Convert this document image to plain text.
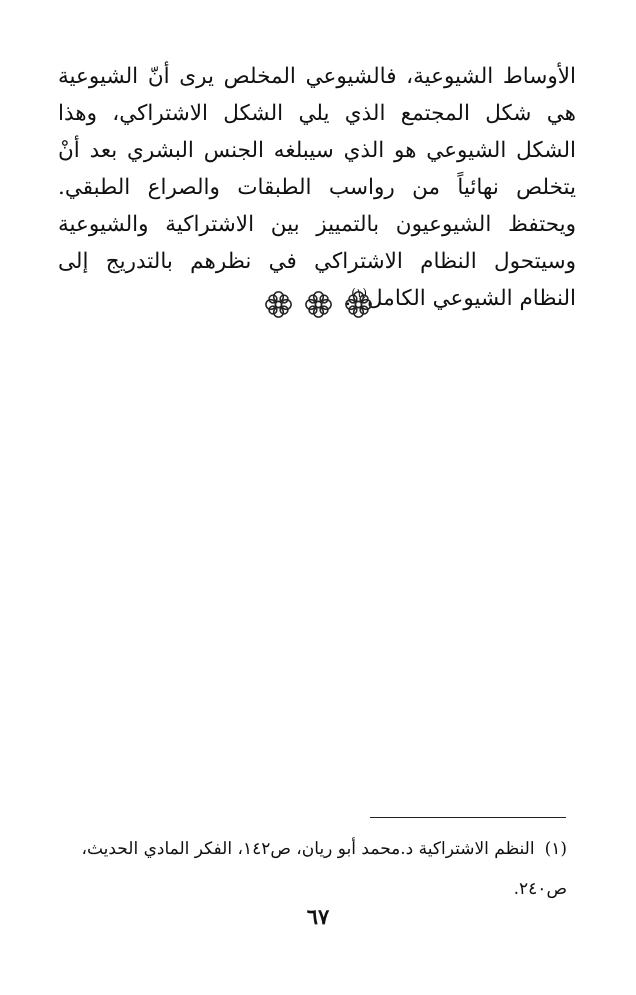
الأوساط الشيوعية، فالشيوعي المخلص يرى أنّ الشيوعية هي شكل المجتمع الذي يلي الشكل الاشتراكي، وهذا الشكل الشيوعي هو الذي سيبلغه الجنس البشري بعد أنْ يتخلص نهائياً من رواسب الطبقات والصراع الطبقي. ويحتفظ الشيوعيون بالتمييز بين الاشتراكية والشيوعية وسيتحول النظام الاشتراكي في نظرهم بالتدريج إلى النظام الشيوعي الكامل$^{(١)}$.

(١)النظم الاشتراكية د.محمد أبو ريان، ص١٤٢، الفكر المادي الحديث،

ص٢٤٠.

٦٧
